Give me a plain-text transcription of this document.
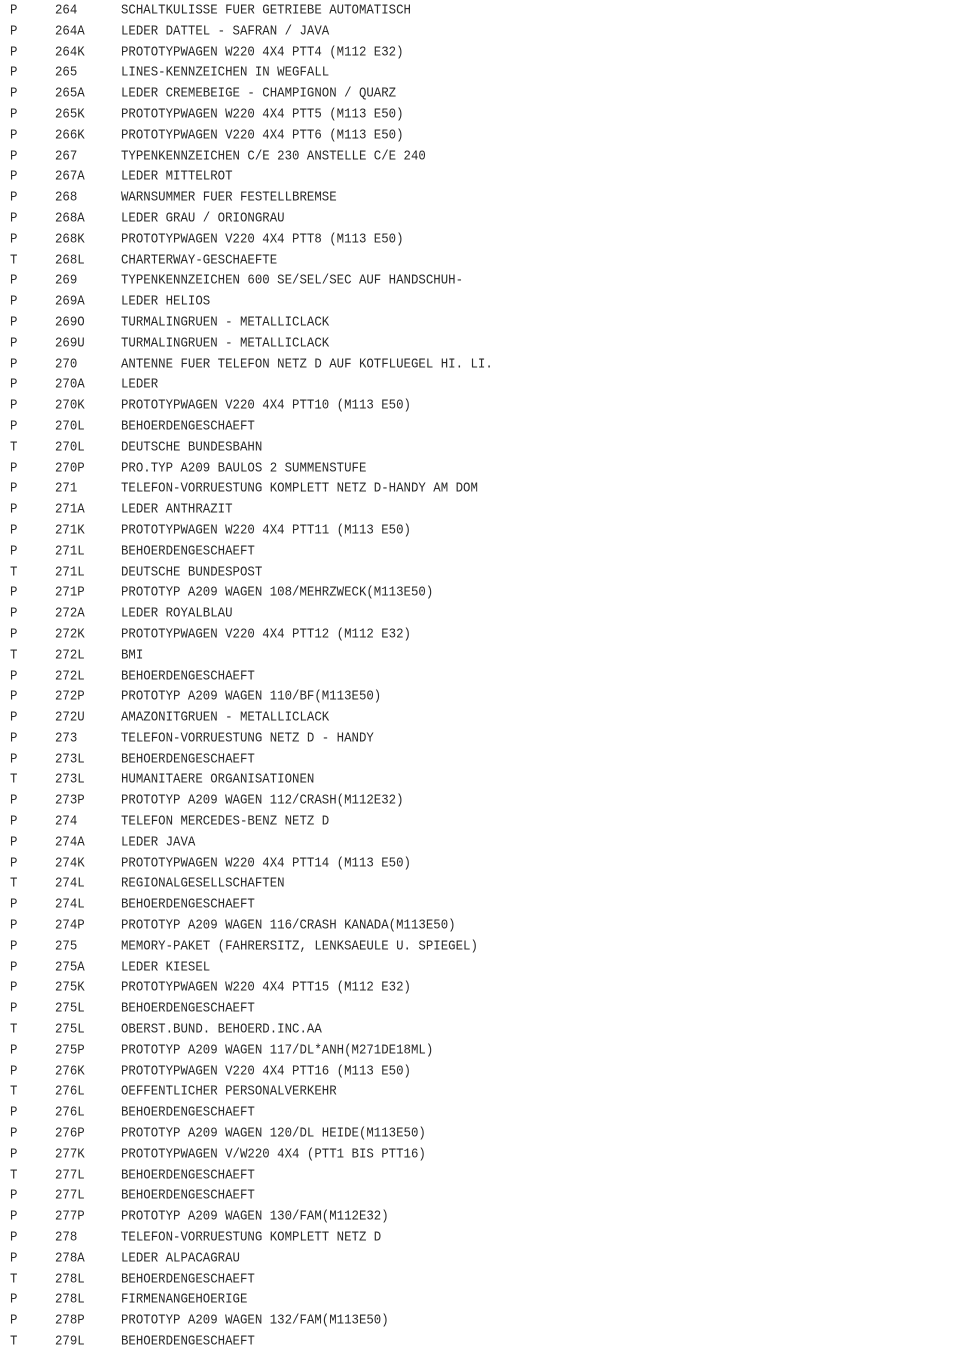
P	264	SCHALTKULISSE FUER GETRIEBE AUTOMATISCH
P	264A	LEDER DATTEL - SAFRAN / JAVA
P	264K	PROTOTYPWAGEN W220 4X4 PTT4 (M112 E32)
P	265	LINES-KENNZEICHEN IN WEGFALL
P	265A	LEDER CREMEBEIGE - CHAMPIGNON / QUARZ
P	265K	PROTOTYPWAGEN W220 4X4 PTT5 (M113 E50)
P	266K	PROTOTYPWAGEN V220 4X4 PTT6 (M113 E50)
P	267	TYPENKENNZEICHEN C/E 230 ANSTELLE C/E 240
P	267A	LEDER MITTELROT
P	268	WARNSUMMER FUER FESTELLBREMSE
P	268A	LEDER GRAU / ORIONGRAU
P	268K	PROTOTYPWAGEN V220 4X4 PTT8 (M113 E50)
T	268L	CHARTERWAY-GESCHAEFTE
P	269	TYPENKENNZEICHEN 600 SE/SEL/SEC AUF HANDSCHUH-
P	269A	LEDER HELIOS
P	269O	TURMALINGRUEN - METALLICLACK
P	269U	TURMALINGRUEN - METALLICLACK
P	270	ANTENNE FUER TELEFON NETZ D AUF KOTFLUEGEL HI. LI.
P	270A	LEDER
P	270K	PROTOTYPWAGEN V220 4X4 PTT10 (M113 E50)
P	270L	BEHOERDENGESCHAEFT
T	270L	DEUTSCHE BUNDESBAHN
P	270P	PRO.TYP A209 BAULOS 2 SUMMENSTUFE
P	271	TELEFON-VORRUESTUNG KOMPLETT NETZ D-HANDY AM DOM
P	271A	LEDER ANTHRAZIT
P	271K	PROTOTYPWAGEN W220 4X4 PTT11 (M113 E50)
P	271L	BEHOERDENGESCHAEFT
T	271L	DEUTSCHE BUNDESPOST
P	271P	PROTOTYP A209 WAGEN 108/MEHRZWECK(M113E50)
P	272A	LEDER ROYALBLAU
P	272K	PROTOTYPWAGEN V220 4X4 PTT12 (M112 E32)
T	272L	BMI
P	272L	BEHOERDENGESCHAEFT
P	272P	PROTOTYP A209 WAGEN 110/BF(M113E50)
P	272U	AMAZONITGRUEN - METALLICLACK
P	273	TELEFON-VORRUESTUNG NETZ D - HANDY
P	273L	BEHOERDENGESCHAEFT
T	273L	HUMANITAERE ORGANISATIONEN
P	273P	PROTOTYP A209 WAGEN 112/CRASH(M112E32)
P	274	TELEFON MERCEDES-BENZ NETZ D
P	274A	LEDER JAVA
P	274K	PROTOTYPWAGEN W220 4X4 PTT14 (M113 E50)
T	274L	REGIONALGESELLSCHAFTEN
P	274L	BEHOERDENGESCHAEFT
P	274P	PROTOTYP A209 WAGEN 116/CRASH KANADA(M113E50)
P	275	MEMORY-PAKET (FAHRERSITZ, LENKSAEULE U. SPIEGEL)
P	275A	LEDER KIESEL
P	275K	PROTOTYPWAGEN W220 4X4 PTT15 (M112 E32)
P	275L	BEHOERDENGESCHAEFT
T	275L	OBERST.BUND. BEHOERD.INC.AA
P	275P	PROTOTYP A209 WAGEN 117/DL*ANH(M271DE18ML)
P	276K	PROTOTYPWAGEN V220 4X4 PTT16 (M113 E50)
T	276L	OEFFENTLICHER PERSONALVERKEHR
P	276L	BEHOERDENGESCHAEFT
P	276P	PROTOTYP A209 WAGEN 120/DL HEIDE(M113E50)
P	277K	PROTOTYPWAGEN V/W220 4X4 (PTT1 BIS PTT16)
T	277L	BEHOERDENGESCHAEFT
P	277L	BEHOERDENGESCHAEFT
P	277P	PROTOTYP A209 WAGEN 130/FAM(M112E32)
P	278	TELEFON-VORRUESTUNG KOMPLETT NETZ D
P	278A	LEDER ALPACAGRAU
T	278L	BEHOERDENGESCHAEFT
P	278L	FIRMENANGEHOERIGE
P	278P	PROTOTYP A209 WAGEN 132/FAM(M113E50)
T	279L	BEHOERDENGESCHAEFT
